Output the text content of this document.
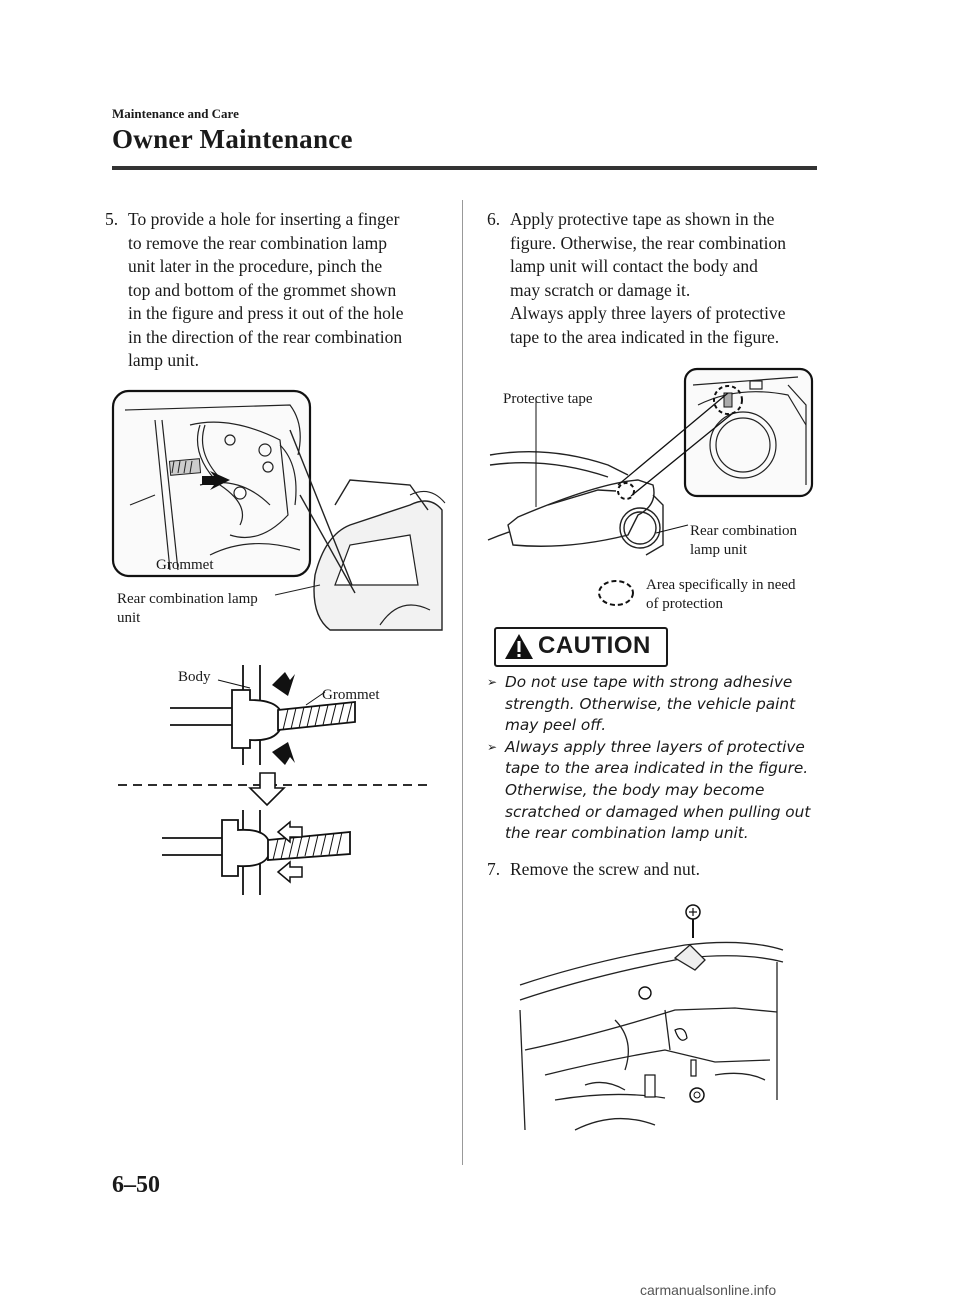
Maintenance and Care
Owner Maintenance
5. To provide a hole for inserting a finger
to remove the rear combination lamp
unit later in the procedure, pinch the
top and bottom of the grommet shown
in the figure and press it out of the hole
in the direction of the rear combination
lamp unit.
Grommet
Rear combination lamp
unit
Body
Grommet
6. Apply protective tape as shown in the
figure. Otherwise, the rear combination
lamp unit will contact the body and
may scratch or damage it.
Always apply three layers of protective
tape to the area indicated in the figure.
Protective tape
Rear combination
lamp unit
Area specifically in need
of protection
CAUTION
➢ Do not use tape with strong adhesive
strength. Otherwise, the vehicle paint
may peel off.
➢ Always apply three layers of protective
tape to the area indicated in the figure.
Otherwise, the body may become
scratched or damaged when pulling out
the rear combination lamp unit.
7. Remove the screw and nut.
6–50
carmanualsonline.info
